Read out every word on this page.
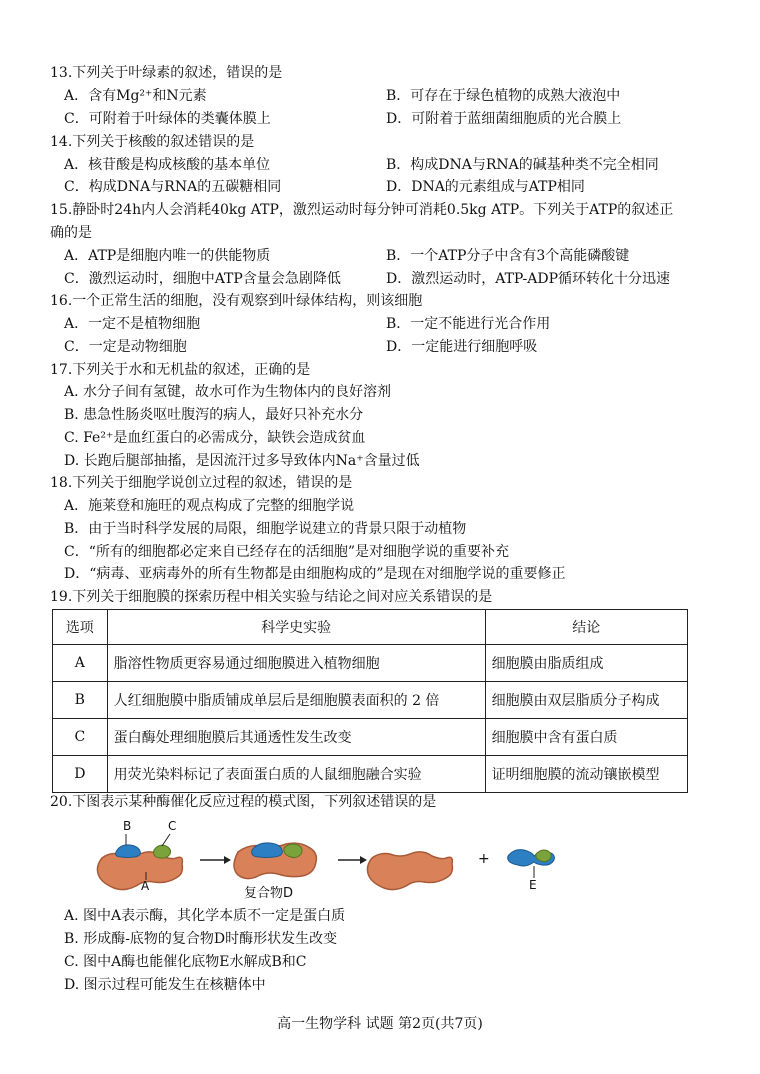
13.下列关于叶绿素的叙述，错误的是
A．含有Mg²⁺和N元素	B．可存在于绿色植物的成熟大液泡中
C．可附着于叶绿体的类囊体膜上	D．可附着于蓝细菌细胞质的光合膜上
14.下列关于核酸的叙述错误的是
A．核苷酸是构成核酸的基本单位	B．构成DNA与RNA的碱基种类不完全相同
C．构成DNA与RNA的五碳糖相同	D．DNA的元素组成与ATP相同
15.静卧时24h内人会消耗40kg ATP，激烈运动时每分钟可消耗0.5kg ATP。下列关于ATP的叙述正
确的是
A．ATP是细胞内唯一的供能物质	B．一个ATP分子中含有3个高能磷酸键
C．激烈运动时，细胞中ATP含量会急剧降低	D．激烈运动时，ATP-ADP循环转化十分迅速
16.一个正常生活的细胞，没有观察到叶绿体结构，则该细胞
A．一定不是植物细胞	B．一定不能进行光合作用
C．一定是动物细胞	D．一定能进行细胞呼吸
17.下列关于水和无机盐的叙述，正确的是
A. 水分子间有氢键，故水可作为生物体内的良好溶剂
B. 患急性肠炎呕吐腹泻的病人，最好只补充水分
C. Fe²⁺是血红蛋白的必需成分，缺铁会造成贫血
D. 长跑后腿部抽搐，是因流汗过多导致体内Na⁺含量过低
18.下列关于细胞学说创立过程的叙述，错误的是
A．施莱登和施旺的观点构成了完整的细胞学说
B．由于当时科学发展的局限，细胞学说建立的背景只限于动植物
C．“所有的细胞都必定来自已经存在的活细胞”是对细胞学说的重要补充
D．“病毒、亚病毒外的所有生物都是由细胞构成的”是现在对细胞学说的重要修正
19.下列关于细胞膜的探索历程中相关实验与结论之间对应关系错误的是
选项	科学史实验	结论
A	脂溶性物质更容易通过细胞膜进入植物细胞	细胞膜由脂质组成
B	人红细胞膜中脂质铺成单层后是细胞膜表面积的 2 倍	细胞膜由双层脂质分子构成
C	蛋白酶处理细胞膜后其通透性发生改变	细胞膜中含有蛋白质
D	用荧光染料标记了表面蛋白质的人鼠细胞融合实验	证明细胞膜的流动镶嵌模型
20.下图表示某种酶催化反应过程的模式图，下列叙述错误的是
B	C
A	复合物D
+
E
A. 图中A表示酶，其化学本质不一定是蛋白质
B. 形成酶-底物的复合物D时酶形状发生改变
C. 图中A酶也能催化底物E水解成B和C
D. 图示过程可能发生在核糖体中
高一生物学科 试题 第2页(共7页)
